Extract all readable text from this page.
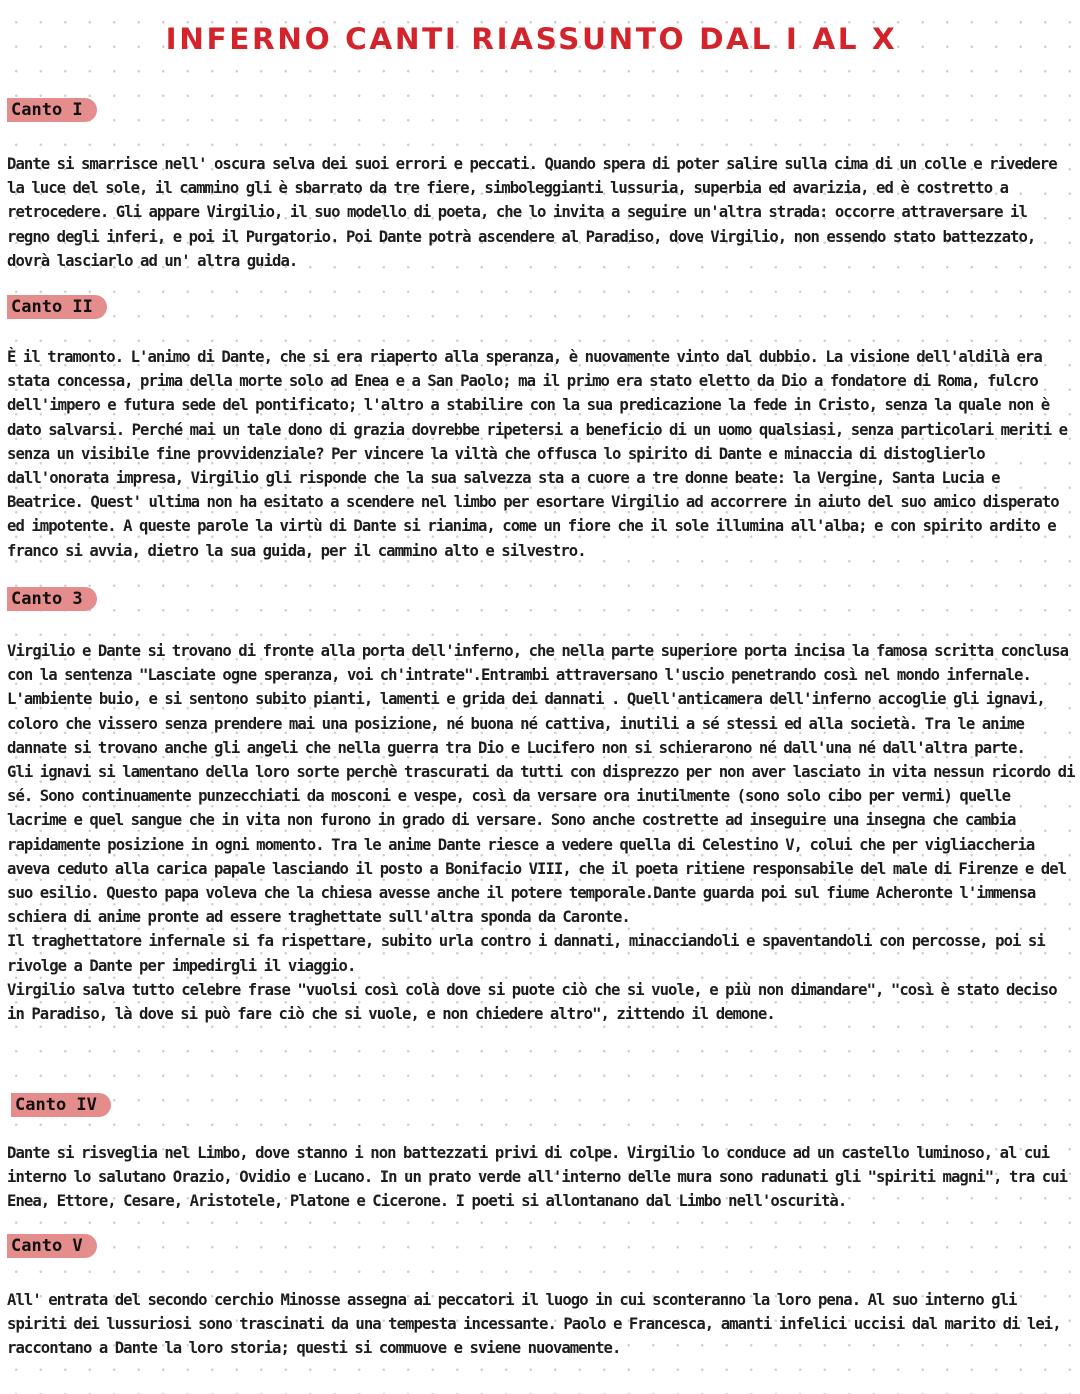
INFERNO CANTI RIASSUNTO DAL I AL X
Canto I

Dante si smarrisce nell' oscura selva dei suoi errori e peccati. Quando spera di poter salire sulla cima di un colle e rivedere la luce del sole, il cammino gli è sbarrato da tre fiere, simboleggianti lussuria, superbia ed avarizia, ed è costretto a retrocedere. Gli appare Virgilio, il suo modello di poeta, che lo invita a seguire un'altra strada: occorre attraversare il regno degli inferi, e poi il Purgatorio. Poi Dante potrà ascendere al Paradiso, dove Virgilio, non essendo stato battezzato, dovrà lasciarlo ad un' altra guida.

Canto II

È il tramonto. L'animo di Dante, che si era riaperto alla speranza, è nuovamente vinto dal dubbio. La visione dell'aldilà era stata concessa, prima della morte solo ad Enea e a San Paolo; ma il primo era stato eletto da Dio a fondatore di Roma, fulcro dell'impero e futura sede del pontificato; l'altro a stabilire con la sua predicazione la fede in Cristo, senza la quale non è dato salvarsi. Perché mai un tale dono di grazia dovrebbe ripetersi a beneficio di un uomo qualsiasi, senza particolari meriti e senza un visibile fine provvidenziale? Per vincere la viltà che offusca lo spirito di Dante e minaccia di distoglierlo dall'onorata impresa, Virgilio gli risponde che la sua salvezza sta a cuore a tre donne beate: la Vergine, Santa Lucia e Beatrice. Quest' ultima non ha esitato a scendere nel limbo per esortare Virgilio ad accorrere in aiuto del suo amico disperato ed impotente. A queste parole la virtù di Dante si rianima, come un fiore che il sole illumina all'alba; e con spirito ardito e franco si avvia, dietro la sua guida, per il cammino alto e silvestro.

Canto 3

Virgilio e Dante si trovano di fronte alla porta dell'inferno, che nella parte superiore porta incisa la famosa scritta conclusa con la sentenza "Lasciate ogne speranza, voi ch'intrate".Entrambi attraversano l'uscio penetrando così nel mondo infernale. L'ambiente buio, e si sentono subito pianti, lamenti e grida dei dannati . Quell'anticamera dell'inferno accoglie gli ignavi, coloro che vissero senza prendere mai una posizione, né buona né cattiva, inutili a sé stessi ed alla società. Tra le anime dannate si trovano anche gli angeli che nella guerra tra Dio e Lucifero non si schierarono né dall'una né dall'altra parte.
Gli ignavi si lamentano della loro sorte perchè trascurati da tutti con disprezzo per non aver lasciato in vita nessun ricordo di sé. Sono continuamente punzecchiati da mosconi e vespe, così da versare ora inutilmente (sono solo cibo per vermi) quelle lacrime e quel sangue che in vita non furono in grado di versare. Sono anche costrette ad inseguire una insegna che cambia rapidamente posizione in ogni momento. Tra le anime Dante riesce a vedere quella di Celestino V, colui che per vigliaccheria aveva ceduto alla carica papale lasciando il posto a Bonifacio VIII, che il poeta ritiene responsabile del male di Firenze e del suo esilio. Questo papa voleva che la chiesa avesse anche il potere temporale.Dante guarda poi sul fiume Acheronte l'immensa schiera di anime pronte ad essere traghettate sull'altra sponda da Caronte.
Il traghettatore infernale si fa rispettare, subito urla contro i dannati, minacciandoli e spaventandoli con percosse, poi si rivolge a Dante per impedirgli il viaggio.
Virgilio salva tutto celebre frase "vuolsi così colà dove si puote ciò che si vuole, e più non dimandare", "così è stato deciso in Paradiso, là dove si può fare ciò che si vuole, e non chiedere altro", zittendo il demone.

Canto IV

Dante si risveglia nel Limbo, dove stanno i non battezzati privi di colpe. Virgilio lo conduce ad un castello luminoso, al cui interno lo salutano Orazio, Ovidio e Lucano. In un prato verde all'interno delle mura sono radunati gli "spiriti magni", tra cui Enea, Ettore, Cesare, Aristotele, Platone e Cicerone. I poeti si allontanano dal Limbo nell'oscurità.

Canto V

All' entrata del secondo cerchio Minosse assegna ai peccatori il luogo in cui sconteranno la loro pena. Al suo interno gli spiriti dei lussuriosi sono trascinati da una tempesta incessante. Paolo e Francesca, amanti infelici uccisi dal marito di lei, raccontano a Dante la loro storia; questi si commuove e sviene nuovamente.
